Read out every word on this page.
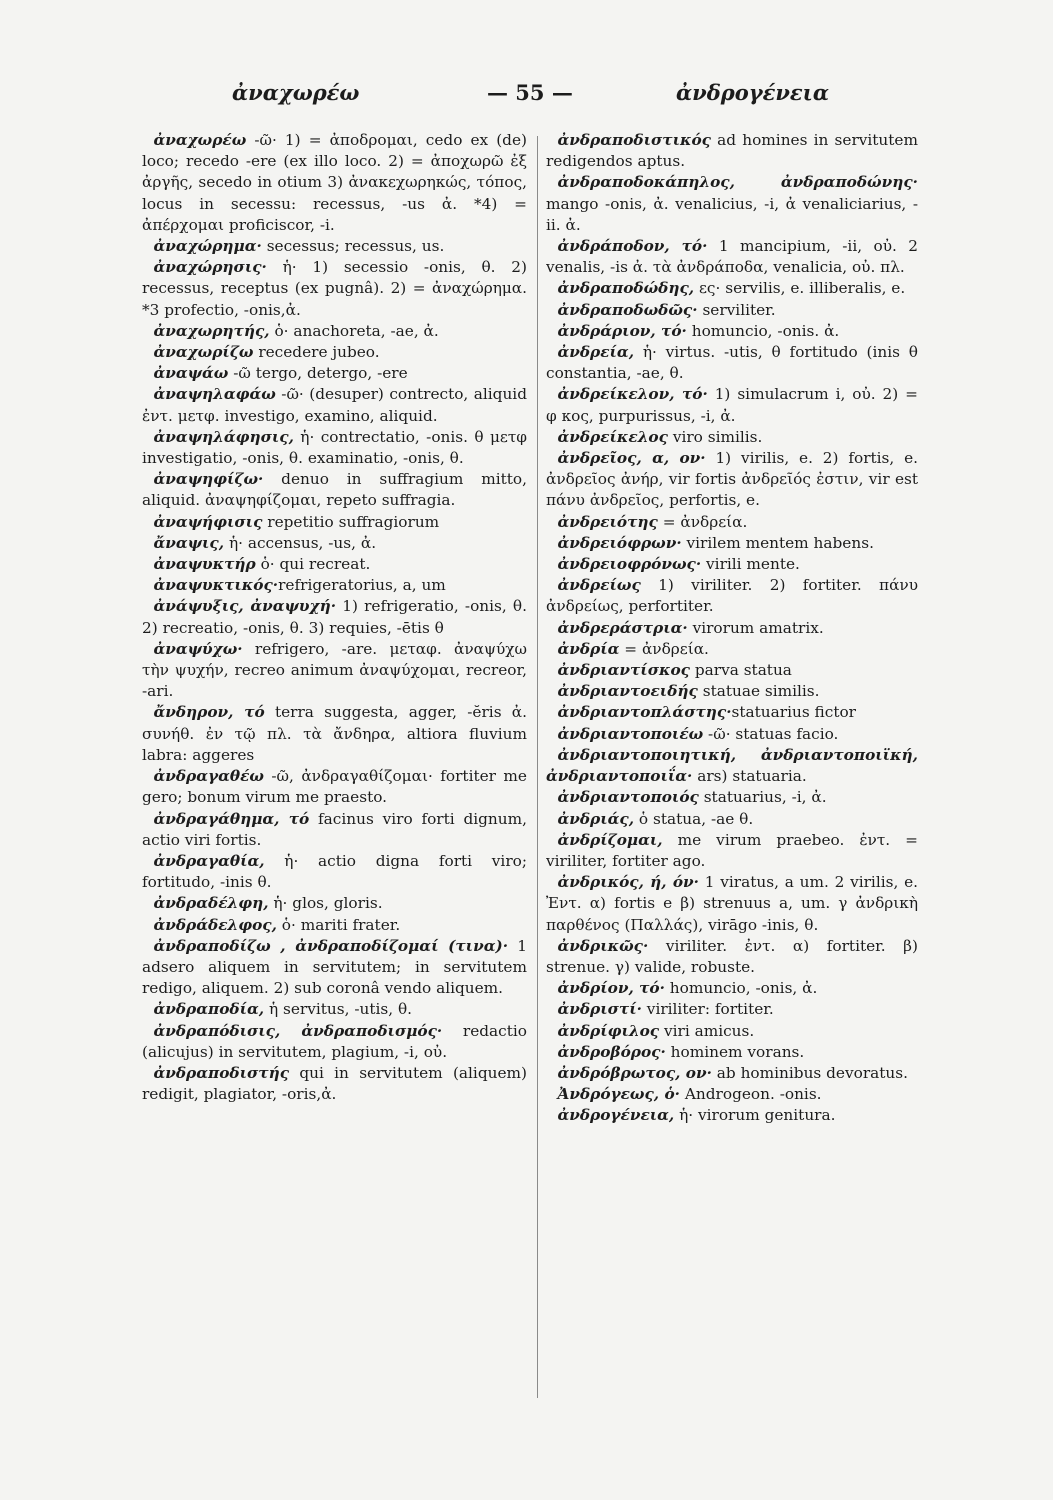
ἀναχωρέω	— 55 —	ἀνδρογένεια

ἀναχωρέω -ῶ· 1) = ἀποδρομαι, cedo ex (de) loco; recedo -ere (ex illo loco. 2) = ἀποχωρῶ ἐξ ἀργῆς, secedo in otium 3) ἀνακεχωρηκώς, τόπος, locus in secessu: recessus, -us ἀ. *4) = ἀπέρχομαι proficiscor, -i.

ἀναχώρημα· secessus; recessus, us.

ἀναχώρησις· ἡ· 1) secessio -onis, θ. 2) recessus, receptus (ex pugnâ). 2) = ἀναχώρημα. *3 profectio, -onis,ἀ.

ἀναχωρητής, ὁ· anachoreta, -ae, ἀ.

ἀναχωρίζω recedere jubeo.

ἀναψάω -ῶ tergo, detergo, -ere

ἀναψηλαφάω -ῶ· (desuper) contrecto, aliquid ἐντ. μετφ. investigo, examino, aliquid.

ἀναψηλάφησις, ἡ· contrectatio, -onis. θ μετφ investigatio, -onis, θ. examinatio, -onis, θ.

ἀναψηφίζω· denuo in suffragium mitto, aliquid. ἀναψηφίζομαι, repeto suffragia.

ἀναψήφισις repetitio suffragiorum

ἄναψις, ἡ· accensus, -us, ἀ.

ἀναψυκτήρ ὁ· qui recreat.

ἀναψυκτικός·refrigeratorius, a, um

ἀνάψυξις, ἀναψυχή· 1) refrigeratio, -onis, θ. 2) recreatio, -onis, θ. 3) requies, -ētis θ

ἀναψύχω· refrigero, -are. μεταφ. ἀναψύχω τὴν ψυχήν, recreo animum ἀναψύχομαι, recreor, -ari.

ἄνδηρον, τό terra suggesta, agger, -ĕris ἀ. συνήθ. ἐν τῷ πλ. τὰ ἄνδηρα, altiora fluvium labra: aggeres

ἀνδραγαθέω -ῶ, ἀνδραγαθίζομαι· fortiter me gero; bonum virum me praesto.

ἀνδραγάθημα, τό facinus viro forti dignum, actio viri fortis.

ἀνδραγαθία, ἡ· actio digna forti viro; fortitudo, -inis θ.

ἀνδραδέλφη, ἡ· glos, gloris.

ἀνδράδελφος, ὁ· mariti frater.

ἀνδραποδίζω , ἀνδραποδίζομαί (τινα)· 1 adsero aliquem in servitutem; in servitutem redigo, aliquem. 2) sub coronâ vendo aliquem.

ἀνδραποδία, ἡ servitus, -utis, θ.

ἀνδραπόδισις, ἀνδραποδισμός· redactio (alicujus) in servitutem, plagium, -i, οὐ.

ἀνδραποδιστής qui in servitutem (aliquem) redigit, plagiator, -oris,ἀ.

ἀνδραποδιστικός ad homines in servitutem redigendos aptus.

ἀνδραποδοκάπηλος, ἀνδραποδώνης· mango -onis, ἀ. venalicius, -i, ἀ venaliciarius, -ii. ἀ.

ἀνδράποδον, τό· 1 mancipium, -ii, οὐ. 2 venalis, -is ἀ. τὰ ἀνδράποδα, venalicia, οὐ. πλ.

ἀνδραποδώδης, ες· servilis, e. illiberalis, e.

ἀνδραποδωδῶς· serviliter.

ἀνδράριον, τό· homuncio, -onis. ἀ.

ἀνδρεία, ἡ· virtus. -utis, θ fortitudo (inis θ constantia, -ae, θ.

ἀνδρείκελον, τό· 1) simulacrum i, οὐ. 2) = φ κος, purpurissus, -i, ἀ.

ἀνδρείκελος viro similis.

ἀνδρεῖος, α, ον· 1) virilis, e. 2) fortis, e. ἀνδρεῖος ἀνήρ, vir fortis ἀνδρεῖός ἐστιν, vir est πάνυ ἀνδρεῖος, perfortis, e.

ἀνδρειότης = ἀνδρεία.

ἀνδρειόφρων· virilem mentem habens.

ἀνδρειοφρόνως· virili mente.

ἀνδρείως 1) viriliter. 2) fortiter. πάνυ ἀνδρείως, perfortiter.

ἀνδρεράστρια· virorum amatrix.

ἀνδρία = ἀνδρεία.

ἀνδριαντίσκος parva statua

ἀνδριαντοειδής statuae similis.

ἀνδριαντοπλάστης·statuarius fictor

ἀνδριαντοποιέω -ῶ· statuas facio.

ἀνδριαντοποιητική, ἀνδριαντοποιϊκή, ἀνδριαντοποιΐα· ars) statuaria.

ἀνδριαντοποιός statuarius, -i, ἀ.

ἀνδριάς, ὁ statua, -ae θ.

ἀνδρίζομαι, me virum praebeo. ἐντ. = viriliter, fortiter ago.

ἀνδρικός, ή, όν· 1 viratus, a um. 2 virilis, e. Ἐντ. α) fortis e β) strenuus a, um. γ ἀνδρικὴ παρθένος (Παλλάς), virāgo -inis, θ.

ἀνδρικῶς· viriliter. ἐντ. α) fortiter. β) strenue. γ) valide, robuste.

ἀνδρίον, τό· homuncio, -onis, ἀ.

ἀνδριστί· viriliter: fortiter.

ἀνδρίφιλος viri amicus.

ἀνδροβόρος· hominem vorans.

ἀνδρόβρωτος, ον· ab hominibus devoratus.

Ἀνδρόγεως, ὁ· Androgeon. -onis.

ἀνδρογένεια, ἡ· virorum genitura.
